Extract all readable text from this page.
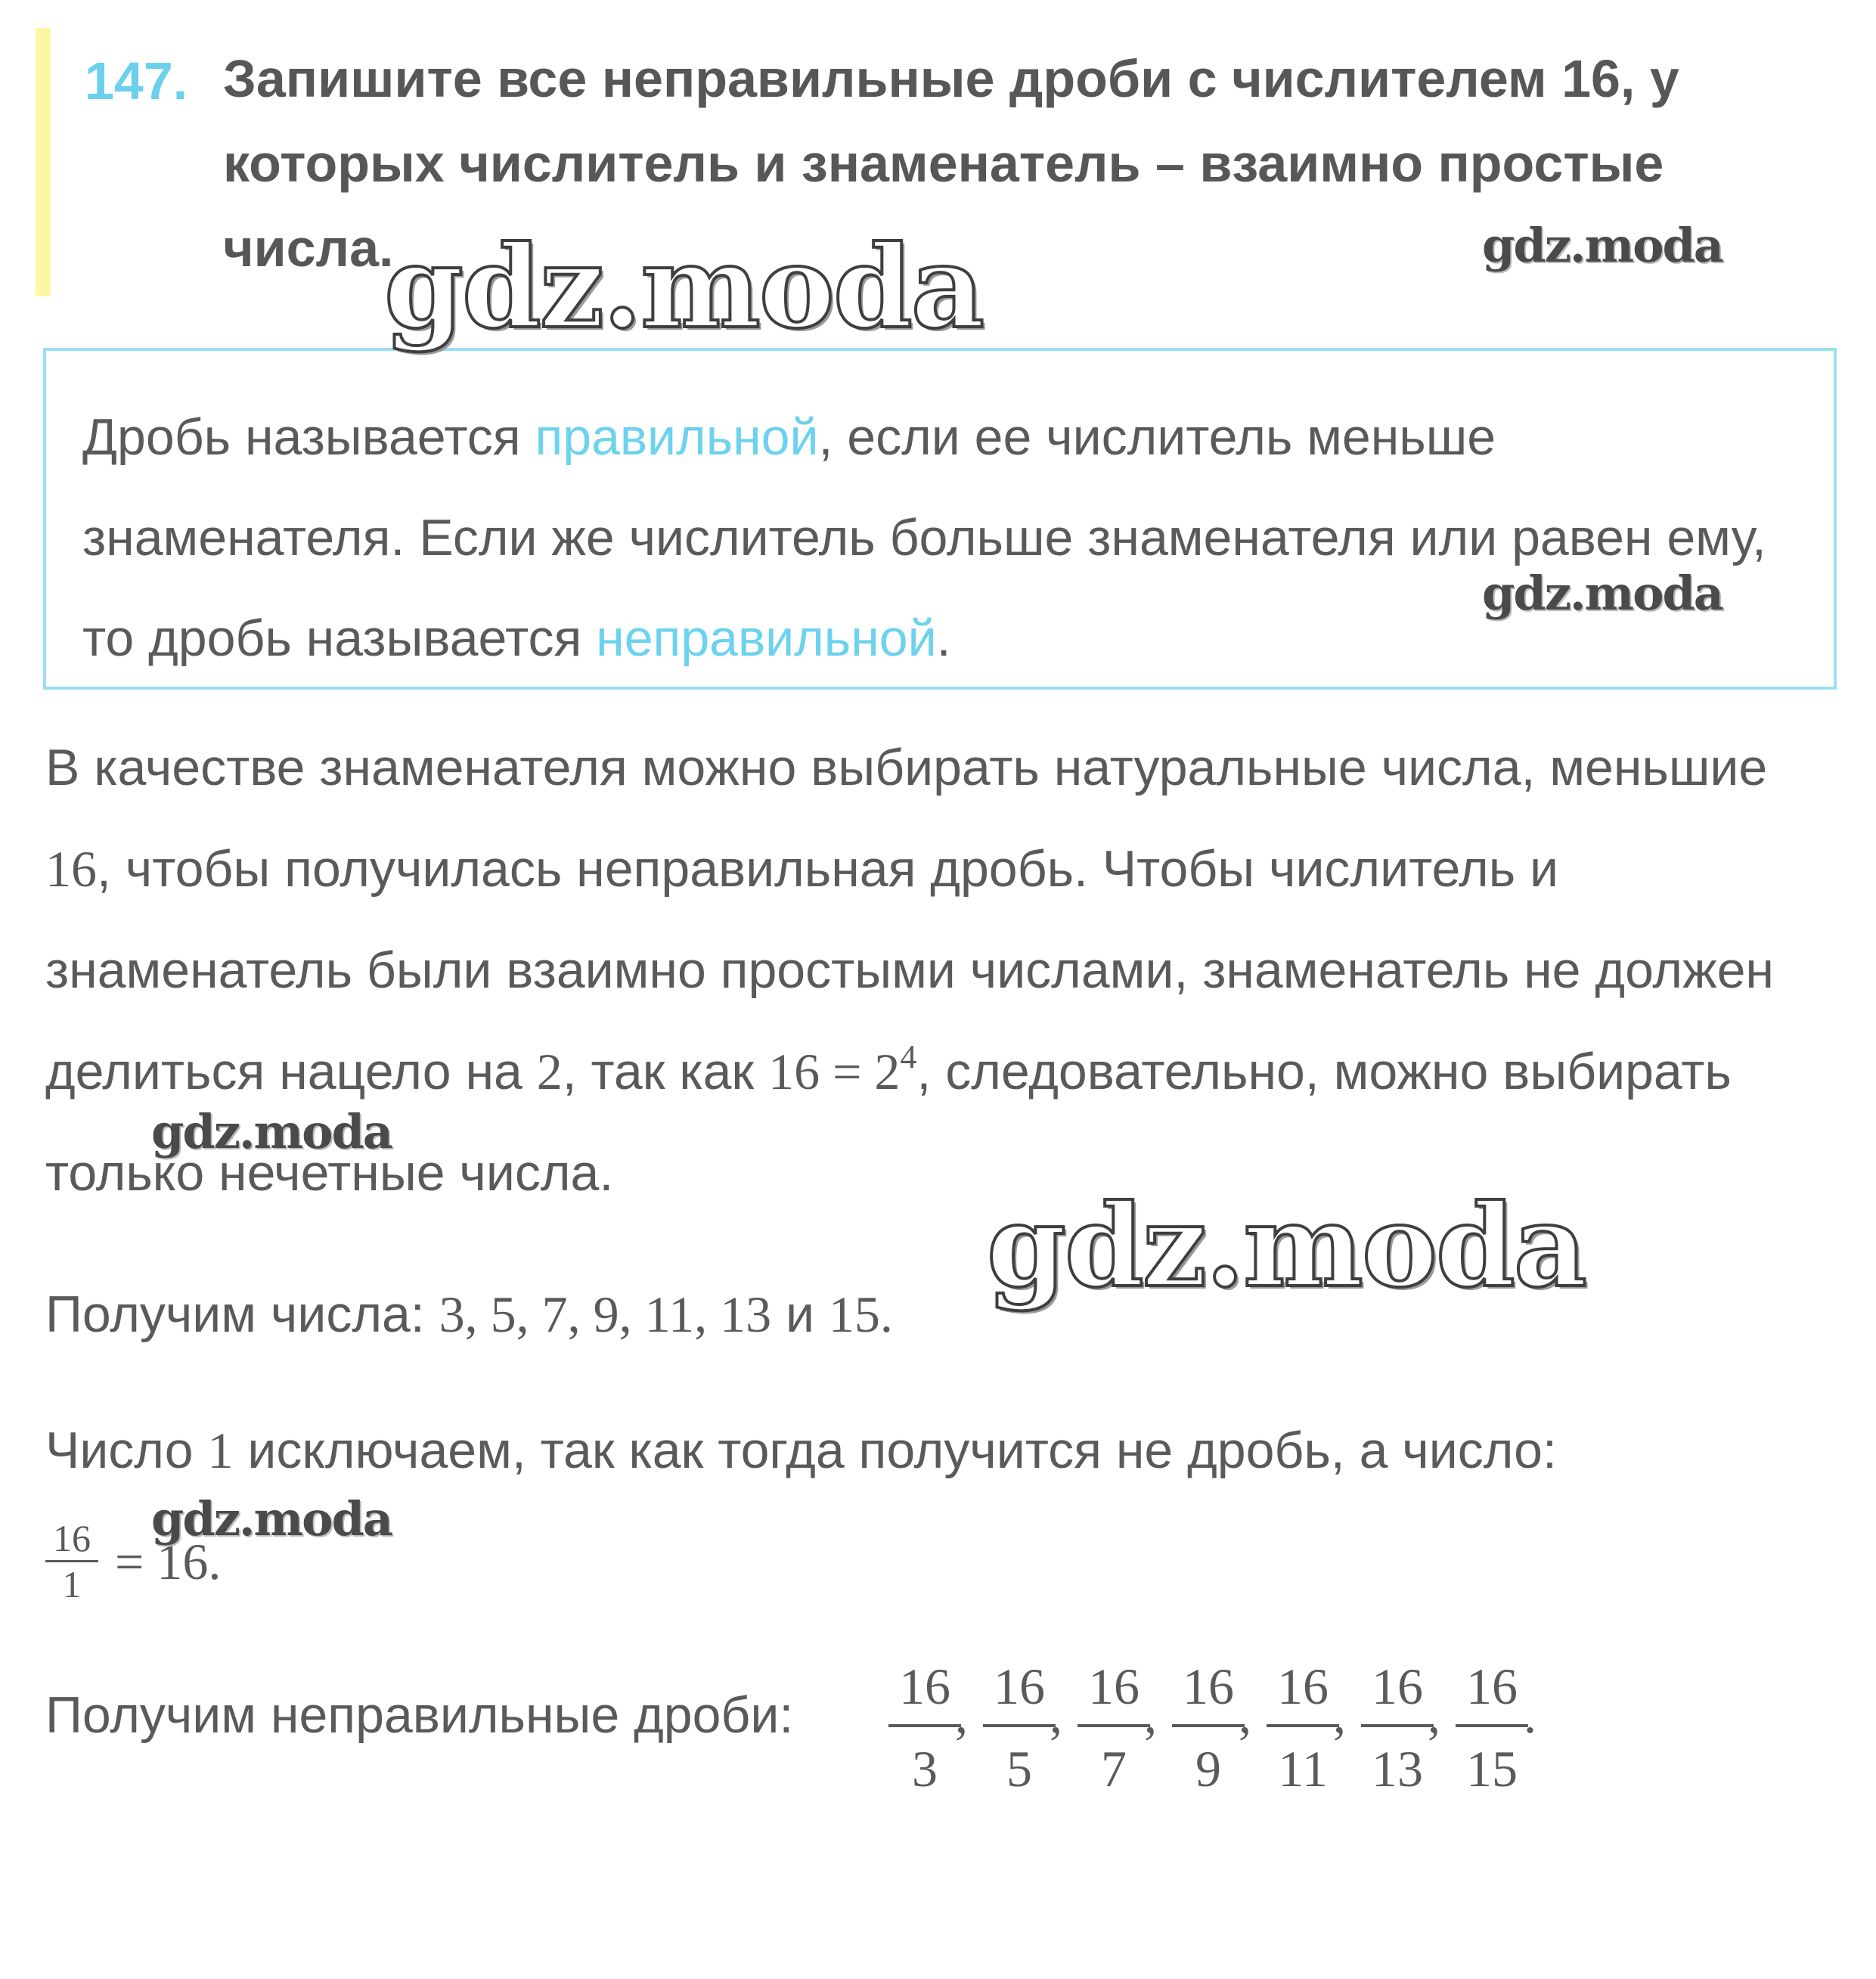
147. Запишите все неправильные дроби с числителем 16, у которых числитель и знаменатель – взаимно простые числа.
Дробь называется правильной, если ее числитель меньше знаменателя. Если же числитель больше знаменателя или равен ему, то дробь называется неправильной.
В качестве знаменателя можно выбирать натуральные числа, меньшие 16, чтобы получилась неправильная дробь. Чтобы числитель и знаменатель были взаимно простыми числами, знаменатель не должен делиться нацело на 2, так как $16 = 2^4$, следовательно, можно выбирать только нечетные числа.
Получим числа: 3, 5, 7, 9, 11, 13 и 15.
Число 1 исключаем, так как тогда получится не дробь, а число:
$\frac{16}{1} = 16$.
Получим неправильные дроби: $\frac{16}{3}$
, $\frac{16}{5}$
, $\frac{16}{7}$
, $\frac{16}{9}$
, $\frac{16}{11}$
, $\frac{16}{13}$
, $\frac{16}{15}$
.
gdz.moda	gdz.moda
gdz.moda
gdz.moda
gdz.moda
gdz.moda
